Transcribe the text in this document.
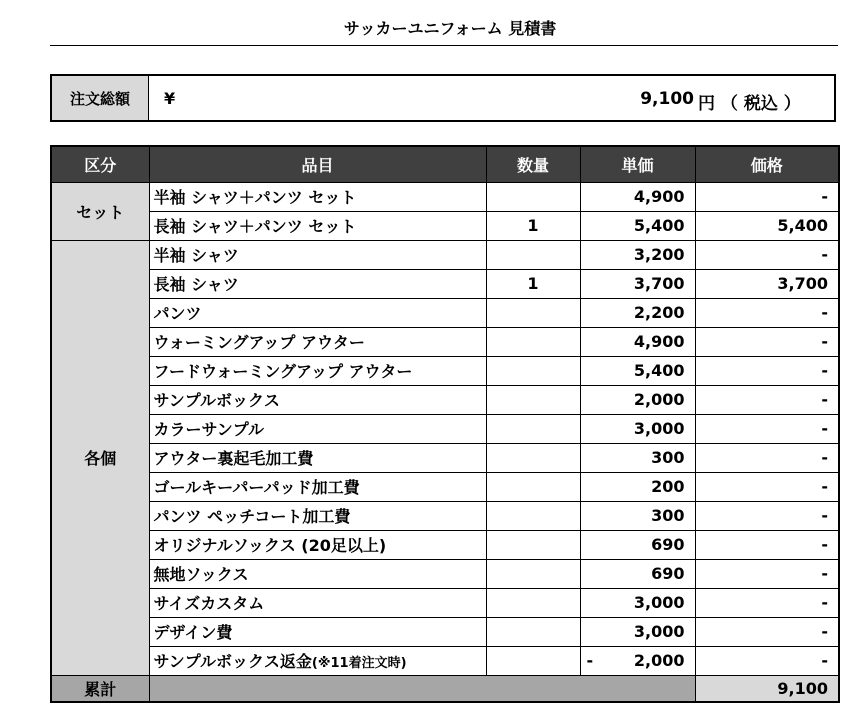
サッカーユニフォーム 見積書
注文総額	¥	9,100 円 （ 税込 ）
区分	品目	数量	単価	価格
セット	半袖 シャツ＋パンツ セット		4,900	-
	長袖 シャツ＋パンツ セット	1	5,400	5,400
各個	半袖 シャツ		3,200	-
	長袖 シャツ	1	3,700	3,700
	パンツ		2,200	-
	ウォーミングアップ アウター		4,900	-
	フードウォーミングアップ アウター		5,400	-
	サンプルボックス		2,000	-
	カラーサンプル		3,000	-
	アウター裏起毛加工費		300	-
	ゴールキーパーパッド加工費		200	-
	パンツ ペッチコート加工費		300	-
	オリジナルソックス (20足以上)		690	-
	無地ソックス		690	-
	サイズカスタム		3,000	-
	デザイン費		3,000	-
	サンプルボックス返金(※11着注文時)		- 2,000	-
累計				9,100
